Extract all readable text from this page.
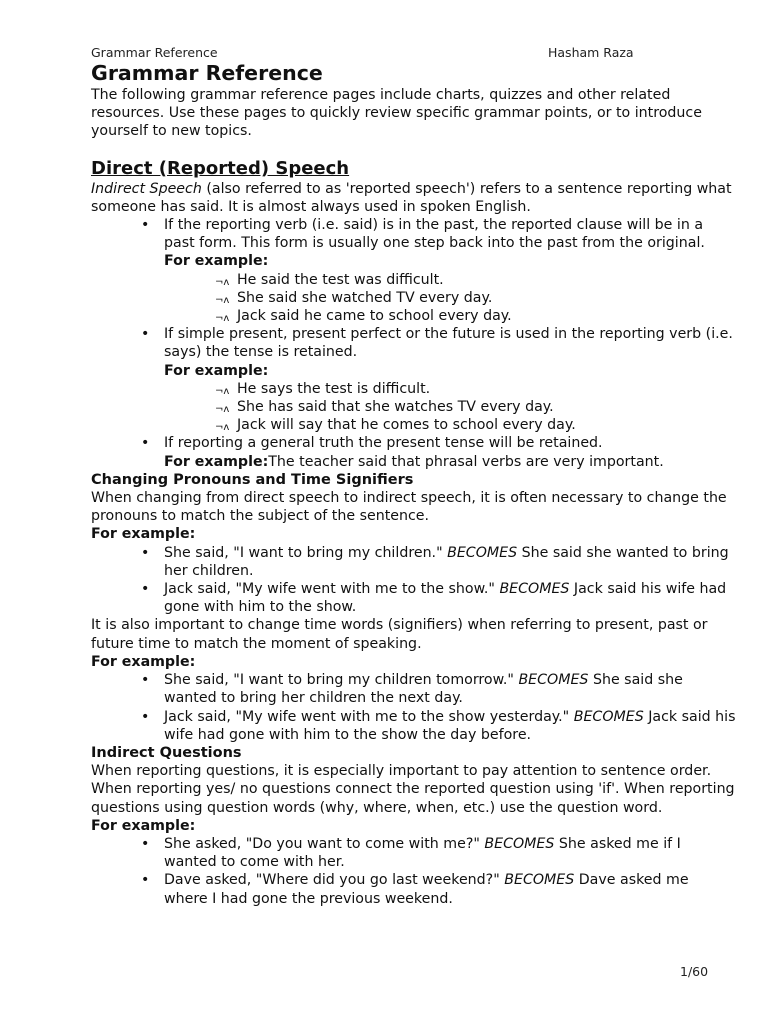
Grammar Reference	Hasham Raza
Grammar Reference

The following grammar reference pages include charts, quizzes and other related resources. Use these pages to quickly review specific grammar points, or to introduce yourself to new topics.

Direct (Reported) Speech

Indirect Speech (also referred to as 'reported speech') refers to a sentence reporting what someone has said. It is almost always used in spoken English.

• If the reporting verb (i.e. said) is in the past, the reported clause will be in a past form. This form is usually one step back into the past from the original.
For example:
¬ᴧ He said the test was difficult.
¬ᴧ She said she watched TV every day.
¬ᴧ Jack said he came to school every day.
• If simple present, present perfect or the future is used in the reporting verb (i.e. says) the tense is retained.
For example:
¬ᴧ He says the test is difficult.
¬ᴧ She has said that she watches TV every day.
¬ᴧ Jack will say that he comes to school every day.
• If reporting a general truth the present tense will be retained.
For example:The teacher said that phrasal verbs are very important.
Changing Pronouns and Time Signifiers

When changing from direct speech to indirect speech, it is often necessary to change the pronouns to match the subject of the sentence.

For example:
• She said, "I want to bring my children." BECOMES She said she wanted to bring her children.
• Jack said, "My wife went with me to the show." BECOMES Jack said his wife had gone with him to the show.

It is also important to change time words (signifiers) when referring to present, past or future time to match the moment of speaking.

For example:
• She said, "I want to bring my children tomorrow." BECOMES She said she wanted to bring her children the next day.
• Jack said, "My wife went with me to the show yesterday." BECOMES Jack said his wife had gone with him to the show the day before.
Indirect Questions

When reporting questions, it is especially important to pay attention to sentence order. When reporting yes/ no questions connect the reported question using 'if'. When reporting questions using question words (why, where, when, etc.) use the question word.

For example:
• She asked, "Do you want to come with me?" BECOMES She asked me if I wanted to come with her.
• Dave asked, "Where did you go last weekend?" BECOMES Dave asked me where I had gone the previous weekend.
1/60
